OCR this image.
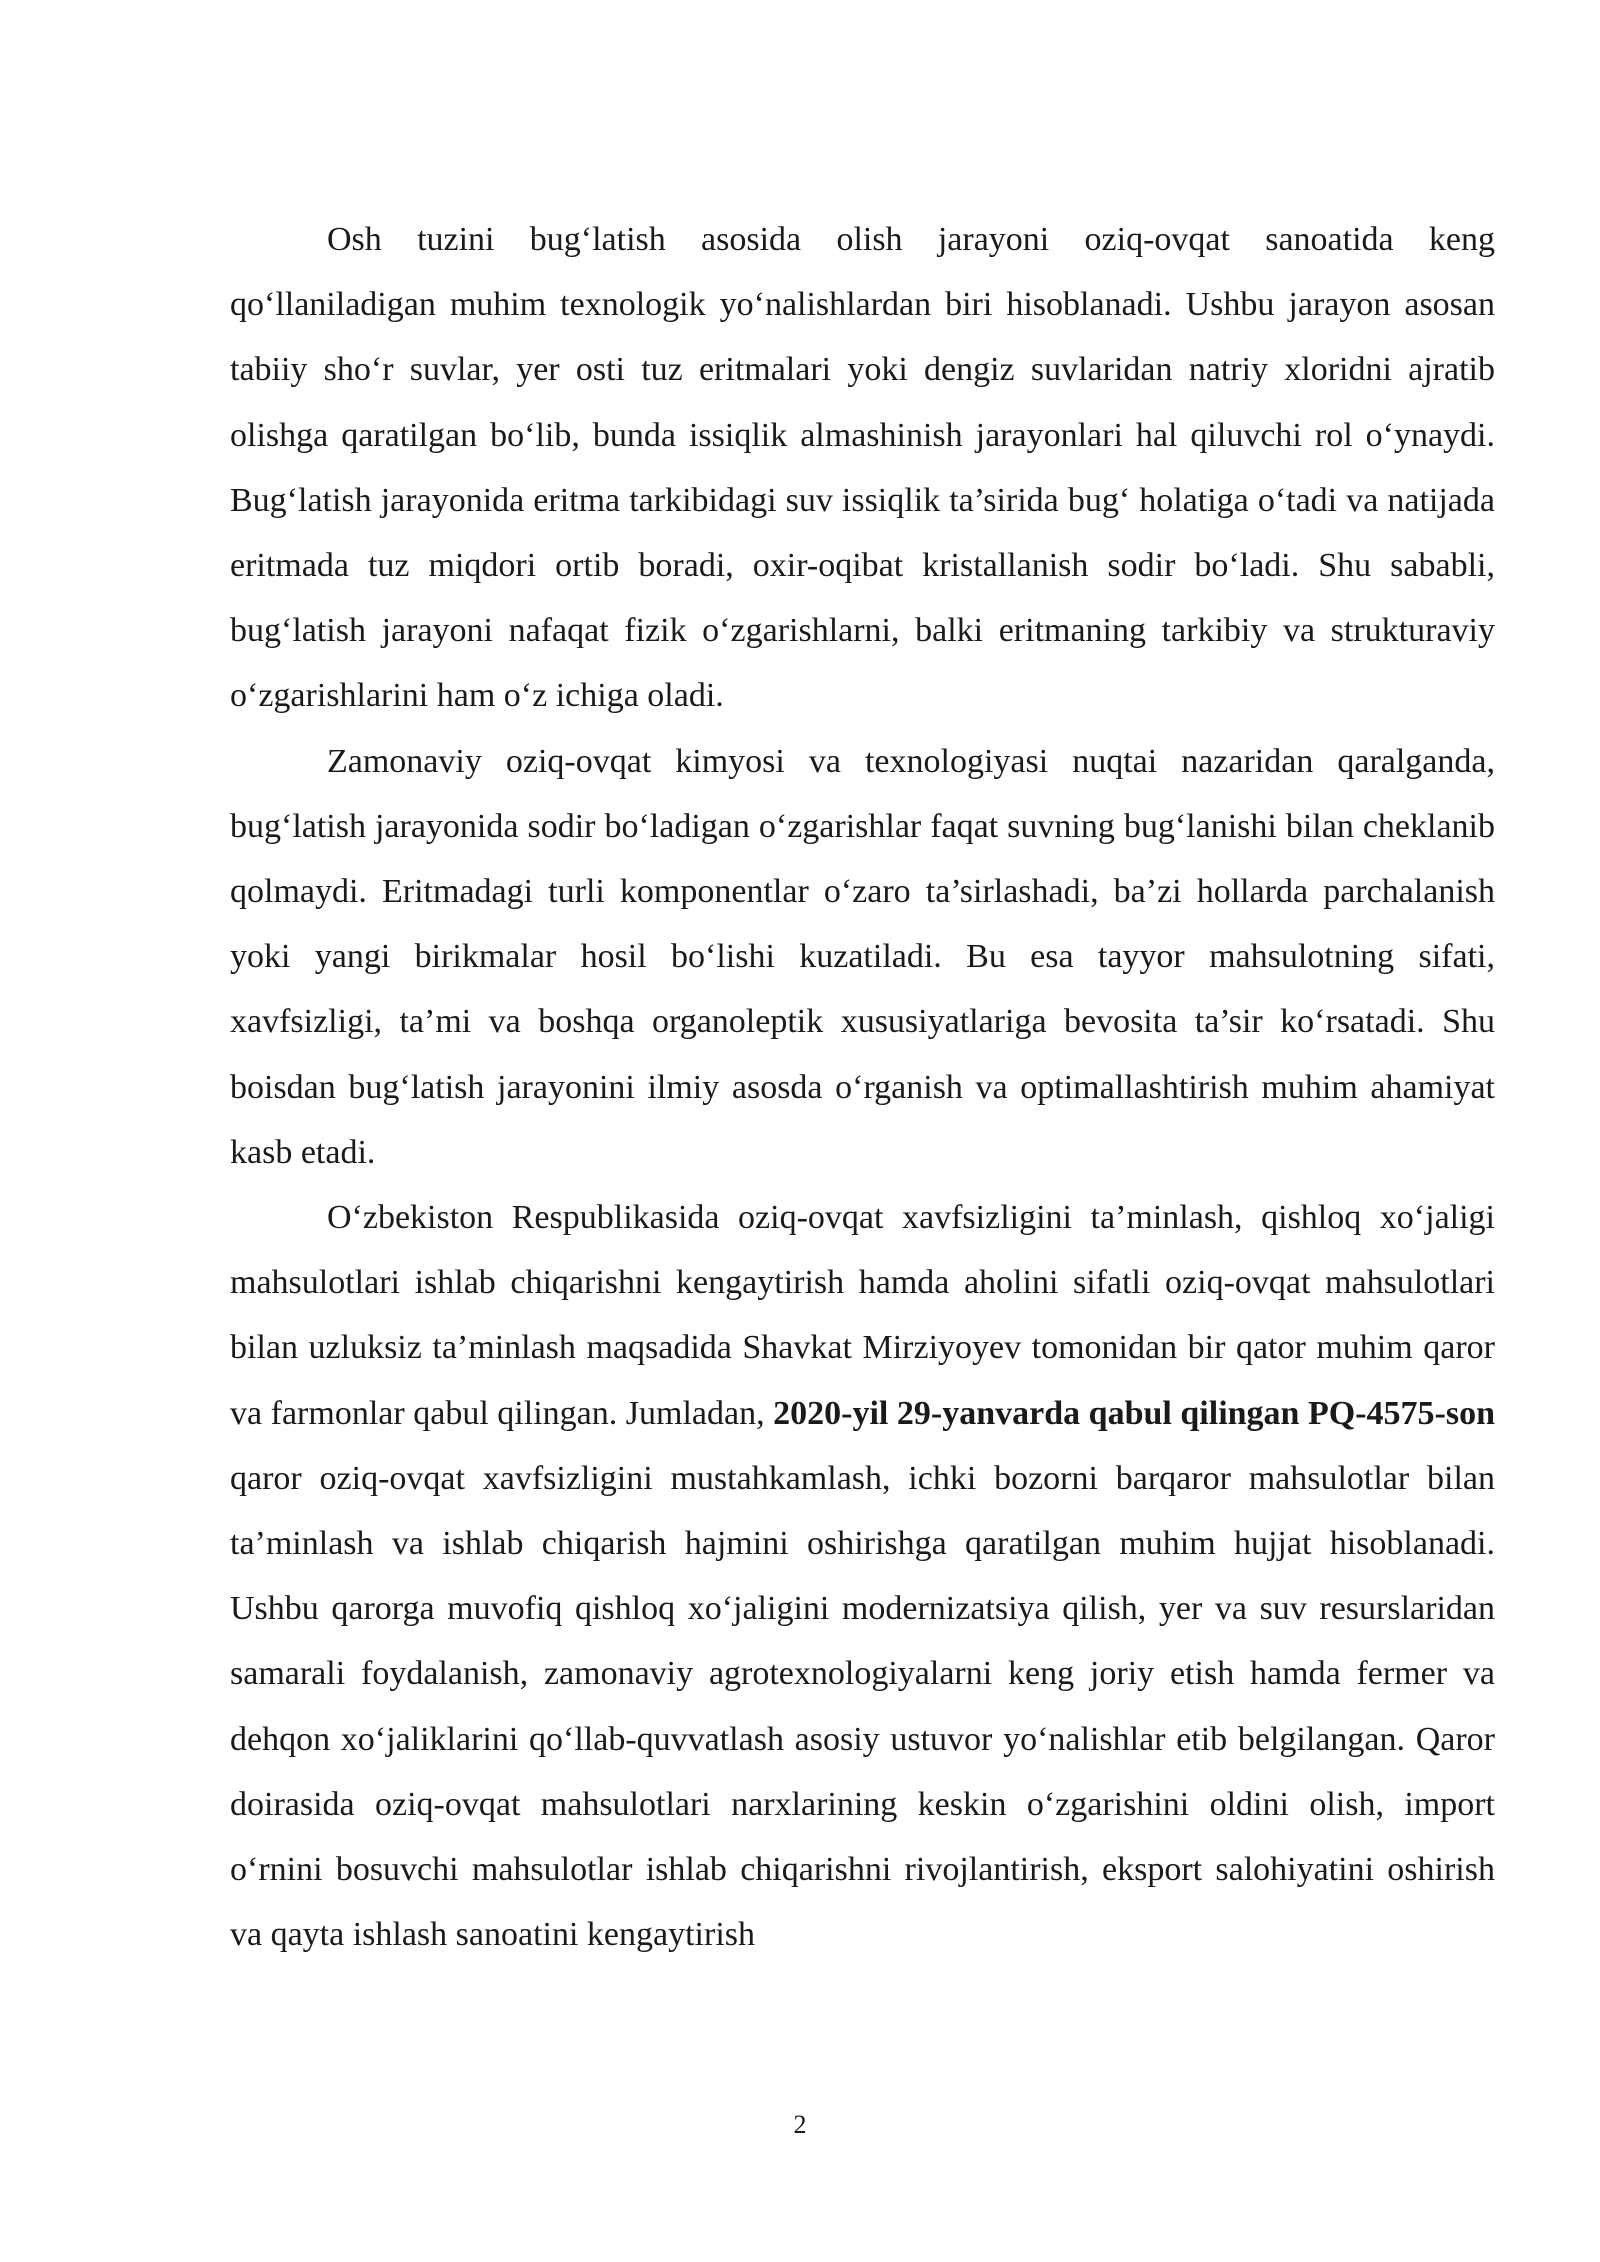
Osh tuzini bug‘latish asosida olish jarayoni oziq-ovqat sanoatida keng qo‘llaniladigan muhim texnologik yo‘nalishlardan biri hisoblanadi. Ushbu jarayon asosan tabiiy sho‘r suvlar, yer osti tuz eritmalari yoki dengiz suvlaridan natriy xloridni ajratib olishga qaratilgan bo‘lib, bunda issiqlik almashinish jarayonlari hal qiluvchi rol o‘ynaydi. Bug‘latish jarayonida eritma tarkibidagi suv issiqlik ta’sirida bug‘ holatiga o‘tadi va natijada eritmada tuz miqdori ortib boradi, oxir-oqibat kristallanish sodir bo‘ladi. Shu sababli, bug‘latish jarayoni nafaqat fizik o‘zgarishlarni, balki eritmaning tarkibiy va strukturaviy o‘zgarishlarini ham o‘z ichiga oladi.

Zamonaviy oziq-ovqat kimyosi va texnologiyasi nuqtai nazaridan qaralganda, bug‘latish jarayonida sodir bo‘ladigan o‘zgarishlar faqat suvning bug‘lanishi bilan cheklanib qolmaydi. Eritmadagi turli komponentlar o‘zaro ta’sirlashadi, ba’zi hollarda parchalanish yoki yangi birikmalar hosil bo‘lishi kuzatiladi. Bu esa tayyor mahsulotning sifati, xavfsizligi, ta’mi va boshqa organoleptik xususiyatlariga bevosita ta’sir ko‘rsatadi. Shu boisdan bug‘latish jarayonini ilmiy asosda o‘rganish va optimallashtirish muhim ahamiyat kasb etadi.

O‘zbekiston Respublikasida oziq-ovqat xavfsizligini ta’minlash, qishloq xo‘jaligi mahsulotlari ishlab chiqarishni kengaytirish hamda aholini sifatli oziq-ovqat mahsulotlari bilan uzluksiz ta’minlash maqsadida Shavkat Mirziyoyev tomonidan bir qator muhim qaror va farmonlar qabul qilingan. Jumladan, 2020-yil 29-yanvarda qabul qilingan PQ-4575-son qaror oziq-ovqat xavfsizligini mustahkamlash, ichki bozorni barqaror mahsulotlar bilan ta’minlash va ishlab chiqarish hajmini oshirishga qaratilgan muhim hujjat hisoblanadi. Ushbu qarorga muvofiq qishloq xo‘jaligini modernizatsiya qilish, yer va suv resurslaridan samarali foydalanish, zamonaviy agrotexnologiyalarni keng joriy etish hamda fermer va dehqon xo‘jaliklarini qo‘llab-quvvatlash asosiy ustuvor yo‘nalishlar etib belgilangan. Qaror doirasida oziq-ovqat mahsulotlari narxlarining keskin o‘zgarishini oldini olish, import o‘rnini bosuvchi mahsulotlar ishlab chiqarishni rivojlantirish, eksport salohiyatini oshirish va qayta ishlash sanoatini kengaytirish

2
